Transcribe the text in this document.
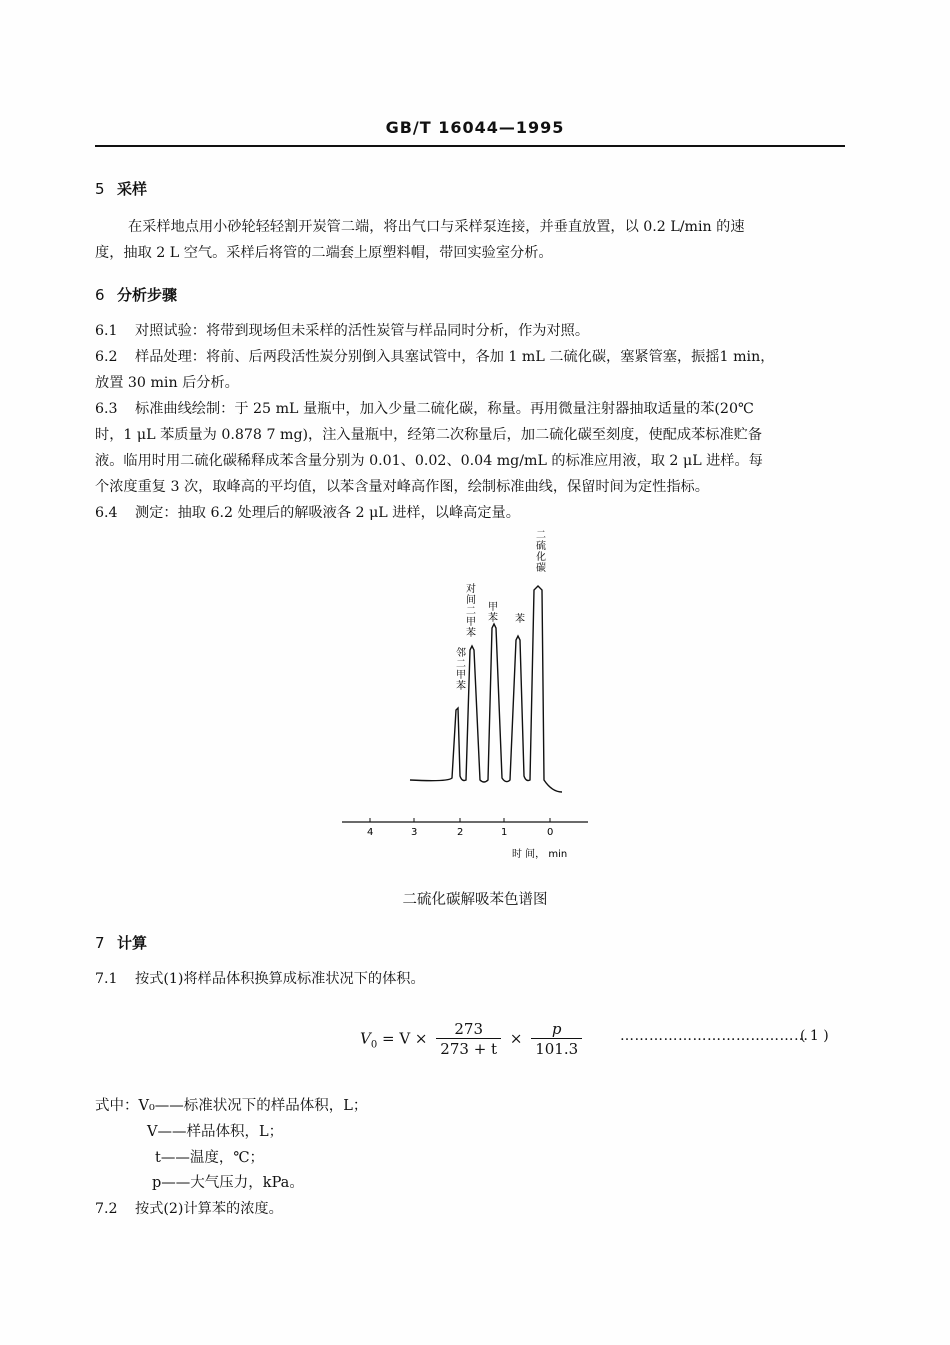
GB/T 16044—1995
5 采样
在采样地点用小砂轮轻轻割开炭管二端，将出气口与采样泵连接，并垂直放置，以 0.2 L/min 的速
度，抽取 2 L 空气。采样后将管的二端套上原塑料帽，带回实验室分析。
6 分析步骤
6.1 对照试验：将带到现场但未采样的活性炭管与样品同时分析，作为对照。
6.2 样品处理：将前、后两段活性炭分别倒入具塞试管中，各加 1 mL 二硫化碳，塞紧管塞，振摇1 min，
放置 30 min 后分析。
6.3 标准曲线绘制：于 25 mL 量瓶中，加入少量二硫化碳，称量。再用微量注射器抽取适量的苯(20℃
时，1 μL 苯质量为 0.878 7 mg)，注入量瓶中，经第二次称量后，加二硫化碳至刻度，使配成苯标准贮备
液。临用时用二硫化碳稀释成苯含量分别为 0.01、0.02、0.04 mg/mL 的标准应用液，取 2 μL 进样。每
个浓度重复 3 次，取峰高的平均值，以苯含量对峰高作图，绘制标准曲线，保留时间为定性指标。
6.4 测定：抽取 6.2 处理后的解吸液各 2 μL 进样，以峰高定量。
邻二甲苯
对间二甲苯
甲苯 苯
二硫化碳
4	3	2	1	0
时 间， min
二硫化碳解吸苯色谱图
7 计算
7.1 按式(1)将样品体积换算成标准状况下的体积。
$V_0 = V \times \frac{273}{273 + t} \times \frac{p}{101.3}$	…………………………………
( 1 )
式中：V₀——标准状况下的样品体积，L；
V——样品体积，L；
t——温度，℃；
p——大气压力，kPa。
7.2 按式(2)计算苯的浓度。
